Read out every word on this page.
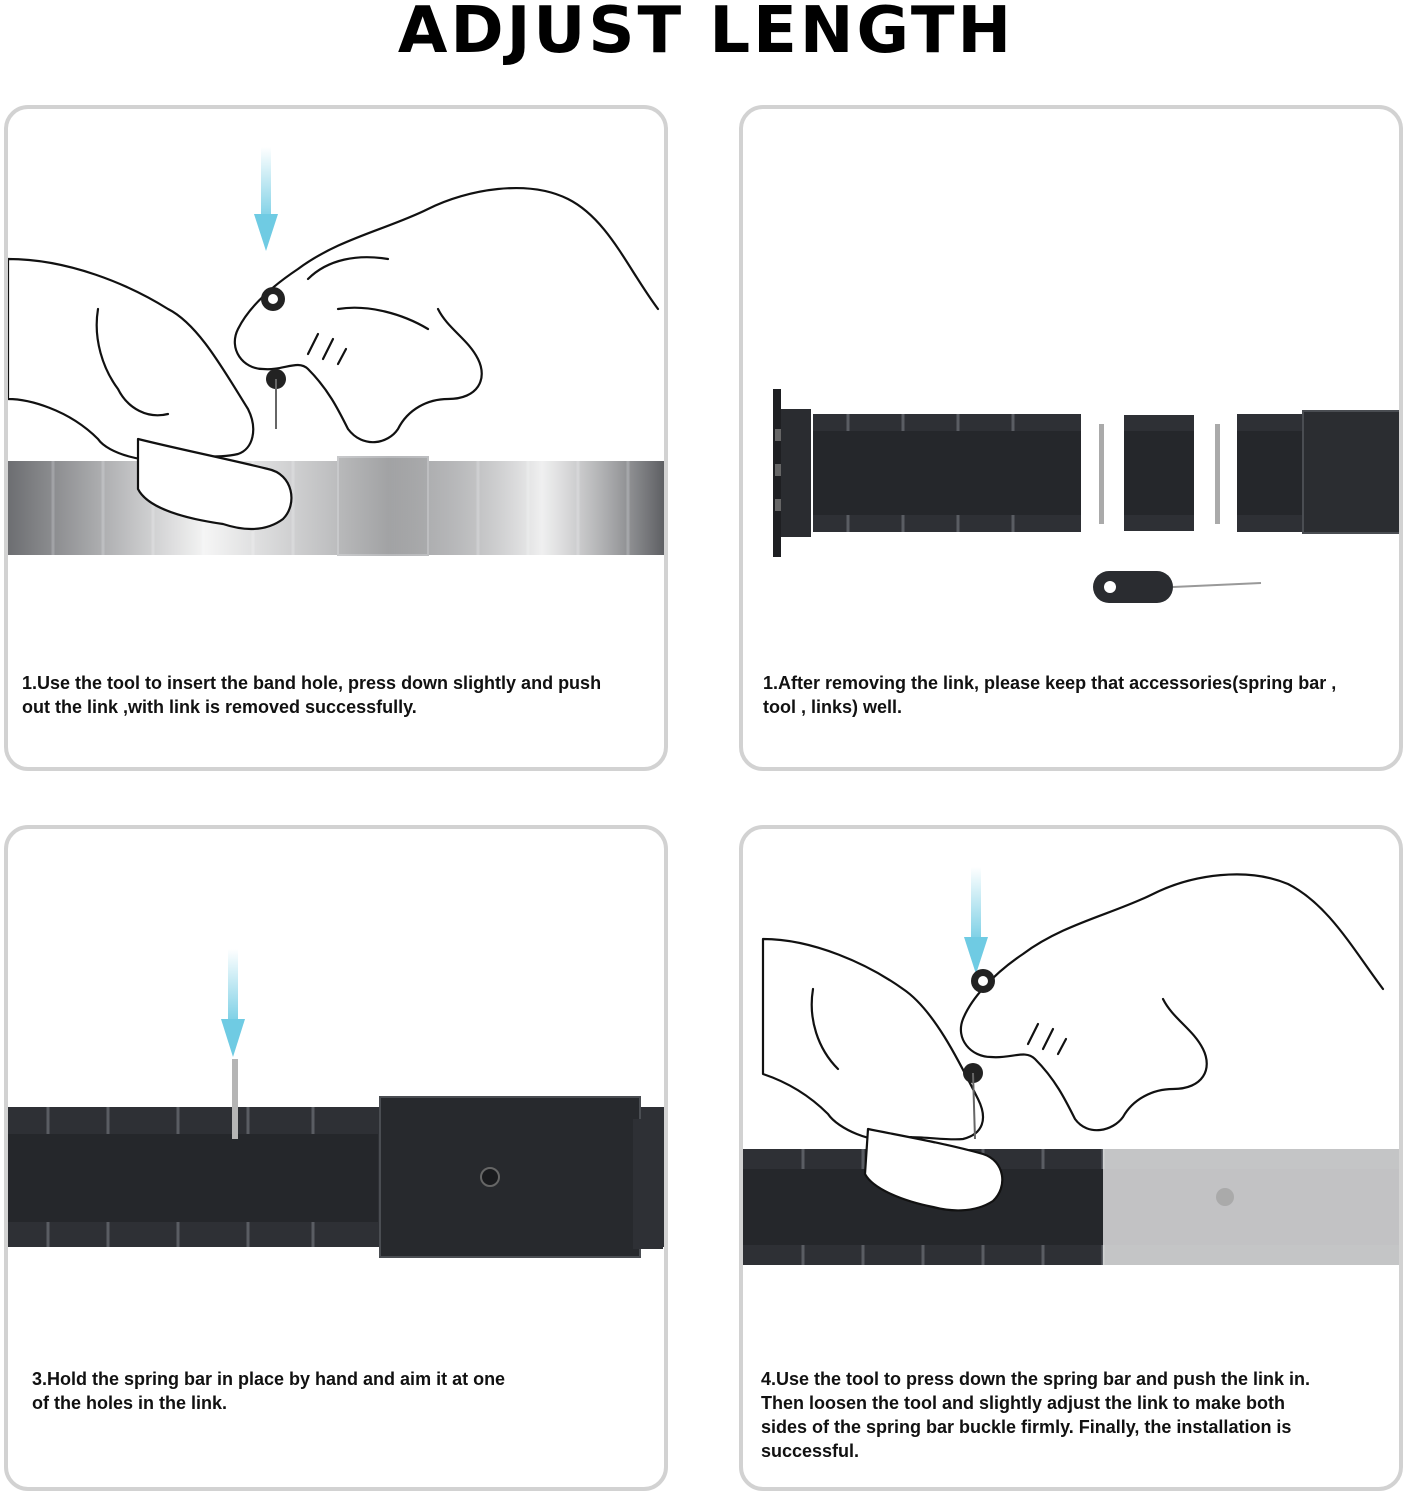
ADJUST LENGTH
1.Use the tool to insert the band hole, press down slightly and push
out the link ,with link is removed successfully.
1.After removing the link, please keep that accessories(spring bar ,
tool , links) well.
3.Hold the spring bar in place by hand and aim it at one
of the holes in the link.
4.Use the tool to press down the spring bar and push the link in.
Then loosen the tool and slightly adjust the link to make both
sides of the spring bar buckle firmly. Finally, the installation is
successful.
